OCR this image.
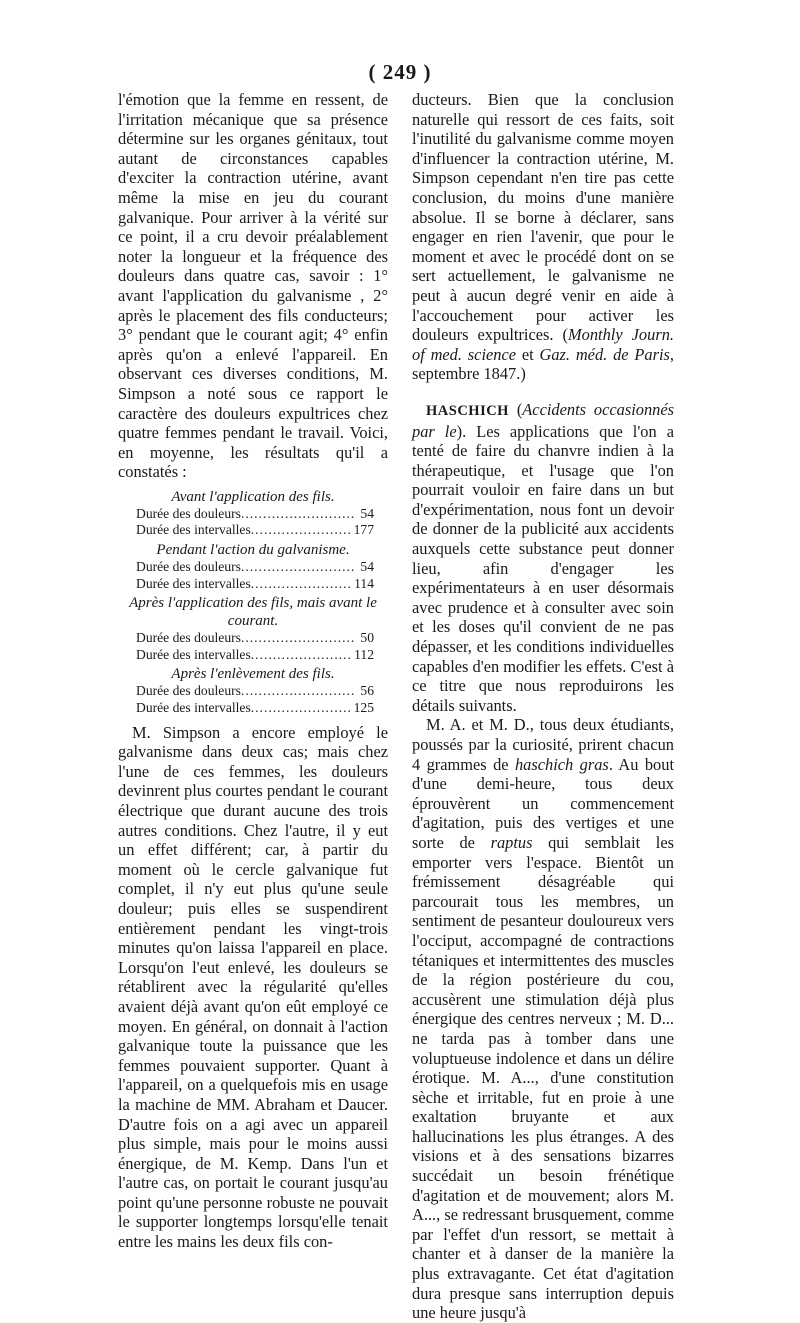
( 249 )

l'émotion que la femme en ressent, de l'irritation mécanique que sa présence détermine sur les organes génitaux, tout autant de circonstances capables d'exciter la contraction utérine, avant même la mise en jeu du courant galvanique. Pour arriver à la vérité sur ce point, il a cru devoir préalablement noter la longueur et la fréquence des douleurs dans quatre cas, savoir : 1° avant l'application du galvanisme , 2° après le placement des fils conducteurs; 3° pendant que le courant agit; 4° enfin après qu'on a enlevé l'appareil. En observant ces diverses conditions, M. Simpson a noté sous ce rapport le caractère des douleurs expultrices chez quatre femmes pendant le travail. Voici, en moyenne, les résultats qu'il a constatés :

Avant l'application des fils.
Durée des douleurs .....	54
Durée des intervalles .....	177
Pendant l'action du galvanisme.
Durée des douleurs .....	54
Durée des intervalles .....	114
Après l'application des fils, mais avant le courant.
Durée des douleurs .....	50
Durée des intervalles .....	112
Après l'enlèvement des fils.
Durée des douleurs .....	56
Durée des intervalles .....	125

M. Simpson a encore employé le galvanisme dans deux cas; mais chez l'une de ces femmes, les douleurs devinrent plus courtes pendant le courant électrique que durant aucune des trois autres conditions. Chez l'autre, il y eut un effet différent; car, à partir du moment où le cercle galvanique fut complet, il n'y eut plus qu'une seule douleur; puis elles se suspendirent entièrement pendant les vingt-trois minutes qu'on laissa l'appareil en place. Lorsqu'on l'eut enlevé, les douleurs se rétablirent avec la régularité qu'elles avaient déjà avant qu'on eût employé ce moyen. En général, on donnait à l'action galvanique toute la puissance que les femmes pouvaient supporter. Quant à l'appareil, on a quelquefois mis en usage la machine de MM. Abraham et Daucer. D'autre fois on a agi avec un appareil plus simple, mais pour le moins aussi énergique, de M. Kemp. Dans l'un et l'autre cas, on portait le courant jusqu'au point qu'une personne robuste ne pouvait le supporter longtemps lorsqu'elle tenait entre les mains les deux fils con-

ducteurs. Bien que la conclusion naturelle qui ressort de ces faits, soit l'inutilité du galvanisme comme moyen d'influencer la contraction utérine, M. Simpson cependant n'en tire pas cette conclusion, du moins d'une manière absolue. Il se borne à déclarer, sans engager en rien l'avenir, que pour le moment et avec le procédé dont on se sert actuellement, le galvanisme ne peut à aucun degré venir en aide à l'accouchement pour activer les douleurs expultrices. (Monthly Journ. of med. science et Gaz. méd. de Paris, septembre 1847.)

HASCHICH (Accidents occasionnés par le). Les applications que l'on a tenté de faire du chanvre indien à la thérapeutique, et l'usage que l'on pourrait vouloir en faire dans un but d'expérimentation, nous font un devoir de donner de la publicité aux accidents auxquels cette substance peut donner lieu, afin d'engager les expérimentateurs à en user désormais avec prudence et à consulter avec soin et les doses qu'il convient de ne pas dépasser, et les conditions individuelles capables d'en modifier les effets. C'est à ce titre que nous reproduirons les détails suivants.

M. A. et M. D., tous deux étudiants, poussés par la curiosité, prirent chacun 4 grammes de haschich gras. Au bout d'une demi-heure, tous deux éprouvèrent un commencement d'agitation, puis des vertiges et une sorte de raptus qui semblait les emporter vers l'espace. Bientôt un frémissement désagréable qui parcourait tous les membres, un sentiment de pesanteur douloureux vers l'occiput, accompagné de contractions tétaniques et intermittentes des muscles de la région postérieure du cou, accusèrent une stimulation déjà plus énergique des centres nerveux ; M. D... ne tarda pas à tomber dans une voluptueuse indolence et dans un délire érotique. M. A..., d'une constitution sèche et irritable, fut en proie à une exaltation bruyante et aux hallucinations les plus étranges. A des visions et à des sensations bizarres succédait un besoin frénétique d'agitation et de mouvement; alors M. A..., se redressant brusquement, comme par l'effet d'un ressort, se mettait à chanter et à danser de la manière la plus extravagante. Cet état d'agitation dura presque sans interruption depuis une heure jusqu'à
